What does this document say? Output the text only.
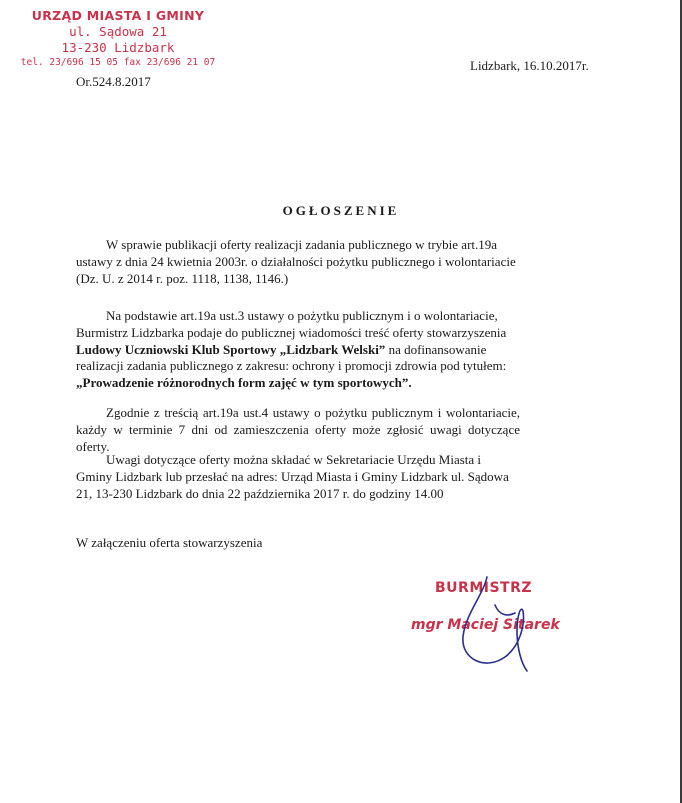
URZĄD MIASTA I GMINY
ul. Sądowa 21
13-230 Lidzbark
tel. 23/696 15 05 fax 23/696 21 07
Or.524.8.2017
Lidzbark, 16.10.2017r.
OGŁOSZENIE

W sprawie publikacji oferty realizacji zadania publicznego w trybie art.19a ustawy z dnia 24 kwietnia 2003r. o działalności pożytku publicznego i wolontariacie (Dz. U. z 2014 r. poz. 1118, 1138, 1146.)

Na podstawie art.19a ust.3 ustawy o pożytku publicznym i o wolontariacie, Burmistrz Lidzbarka podaje do publicznej wiadomości treść oferty stowarzyszenia Ludowy Uczniowski Klub Sportowy „Lidzbark Welski” na dofinansowanie realizacji zadania publicznego z zakresu: ochrony i promocji zdrowia pod tytułem: „Prowadzenie różnorodnych form zajęć w tym sportowych”.

Zgodnie z treścią art.19a ust.4 ustawy o pożytku publicznym i wolontariacie, każdy w terminie 7 dni od zamieszczenia oferty może zgłosić uwagi dotyczące oferty.

Uwagi dotyczące oferty można składać w Sekretariacie Urzędu Miasta i Gminy Lidzbark lub przesłać na adres: Urząd Miasta i Gminy Lidzbark ul. Sądowa 21, 13-230 Lidzbark do dnia 22 października 2017 r. do godziny 14.00

W załączeniu oferta stowarzyszenia

BURMISTRZ
mgr Maciej Sitarek
